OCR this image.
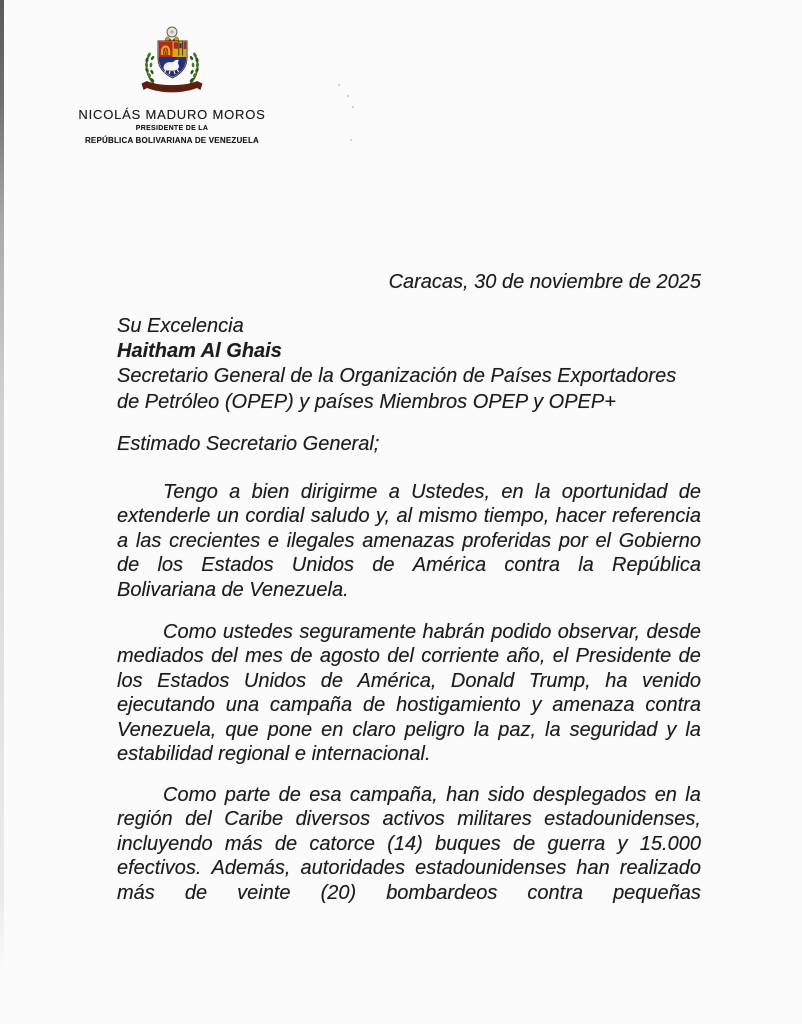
NICOLÁS MADURO MOROS
PRESIDENTE DE LA
REPÚBLICA BOLIVARIANA DE VENEZUELA
Caracas, 30 de noviembre de 2025
Su Excelencia
Haitham Al Ghais
Secretario General de la Organización de Países Exportadores
de Petróleo (OPEP) y países Miembros OPEP y OPEP+
Estimado Secretario General;
Tengo a bien dirigirme a Ustedes, en la oportunidad de
extenderle un cordial saludo y, al mismo tiempo, hacer referencia
a las crecientes e ilegales amenazas proferidas por el Gobierno
de los Estados Unidos de América contra la República
Bolivariana de Venezuela.
Como ustedes seguramente habrán podido observar, desde
mediados del mes de agosto del corriente año, el Presidente de
los Estados Unidos de América, Donald Trump, ha venido
ejecutando una campaña de hostigamiento y amenaza contra
Venezuela, que pone en claro peligro la paz, la seguridad y la
estabilidad regional e internacional.
Como parte de esa campaña, han sido desplegados en la
región del Caribe diversos activos militares estadounidenses,
incluyendo más de catorce (14) buques de guerra y 15.000
efectivos. Además, autoridades estadounidenses han realizado
más de veinte (20) bombardeos contra pequeñas
